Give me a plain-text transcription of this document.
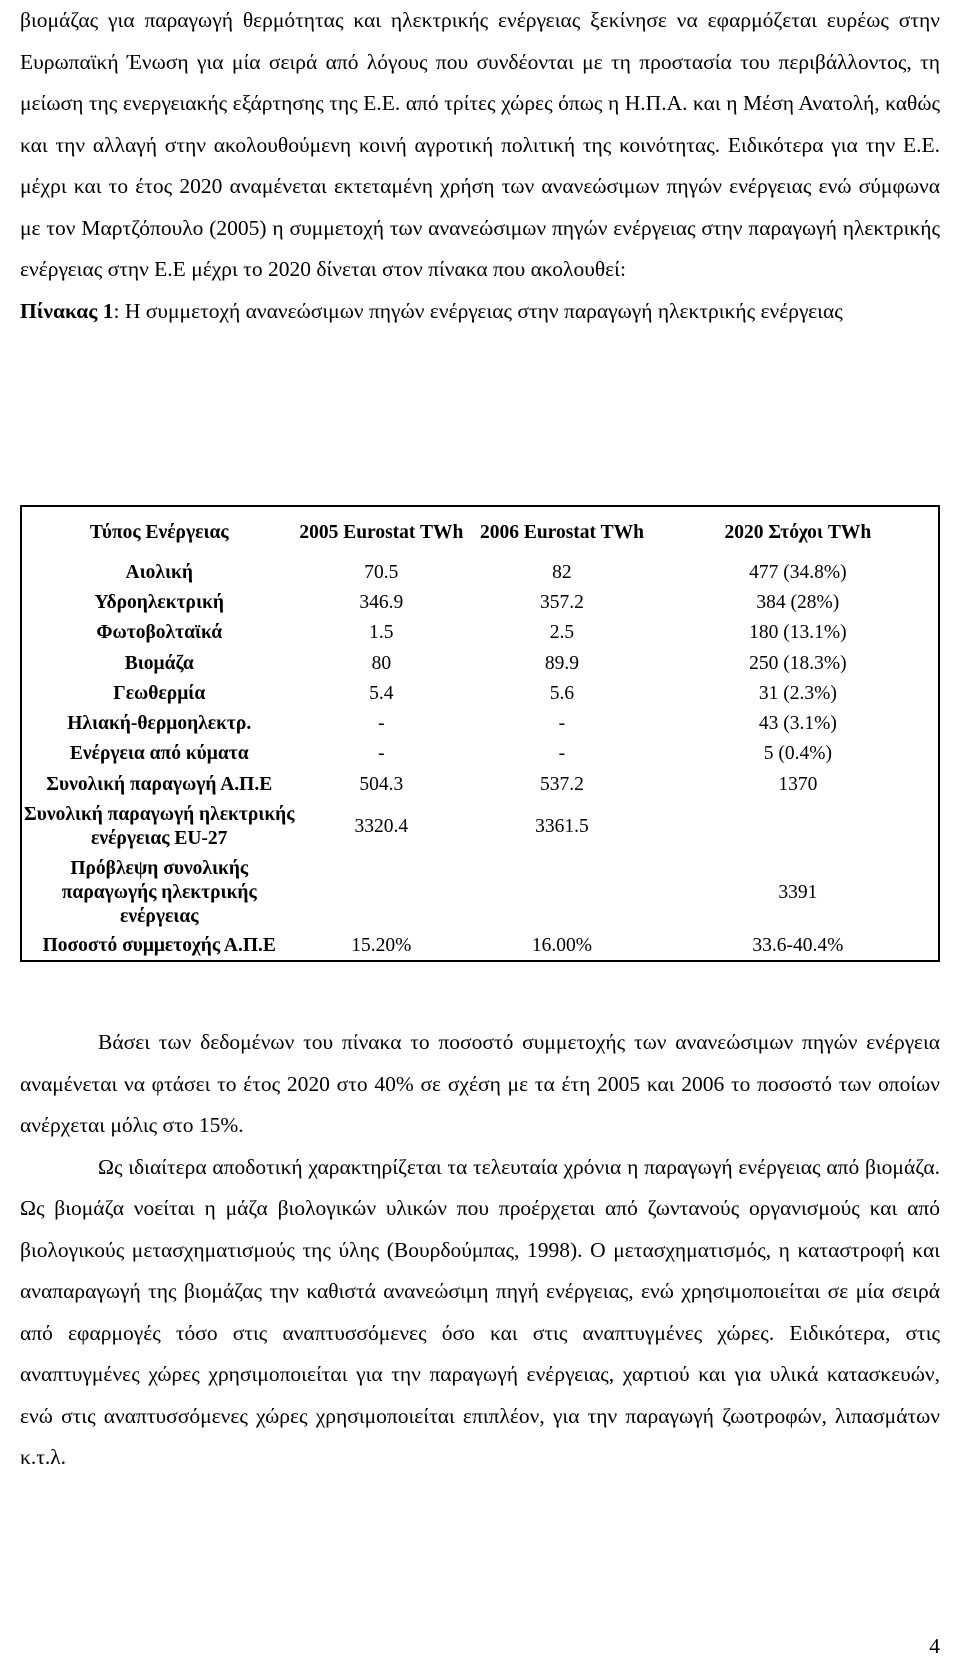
βιομάζας για παραγωγή θερμότητας και ηλεκτρικής ενέργειας ξεκίνησε να εφαρμόζεται ευρέως στην Ευρωπαϊκή Ένωση για μία σειρά από λόγους που συνδέονται με τη προστασία του περιβάλλοντος, τη μείωση της ενεργειακής εξάρτησης της Ε.Ε. από τρίτες χώρες όπως η Η.Π.Α. και η Μέση Ανατολή, καθώς και την αλλαγή στην ακολουθούμενη κοινή αγροτική πολιτική της κοινότητας. Ειδικότερα για την Ε.Ε. μέχρι και το έτος 2020 αναμένεται εκτεταμένη χρήση των ανανεώσιμων πηγών ενέργειας ενώ σύμφωνα με τον Μαρτζόπουλο (2005) η συμμετοχή των ανανεώσιμων πηγών ενέργειας στην παραγωγή ηλεκτρικής ενέργειας στην Ε.Ε μέχρι το 2020 δίνεται στον πίνακα που ακολουθεί:

Πίνακας 1: Η συμμετοχή ανανεώσιμων πηγών ενέργειας στην παραγωγή ηλεκτρικής ενέργειας

Τύπος Ενέργειας	2005 Eurostat TWh	2006 Eurostat TWh	2020 Στόχοι TWh
Αιολική	70.5	82	477 (34.8%)
Υδροηλεκτρική	346.9	357.2	384 (28%)
Φωτοβολταϊκά	1.5	2.5	180 (13.1%)
Βιομάζα	80	89.9	250 (18.3%)
Γεωθερμία	5.4	5.6	31 (2.3%)
Ηλιακή-θερμοηλεκτρ.	-	-	43 (3.1%)
Ενέργεια από κύματα	-	-	5 (0.4%)
Συνολική παραγωγή Α.Π.Ε	504.3	537.2	1370
Συνολική παραγωγή ηλεκτρικής ενέργειας EU-27	3320.4	3361.5	
Πρόβλεψη συνολικής παραγωγής ηλεκτρικής ενέργειας			3391
Ποσοστό συμμετοχής Α.Π.Ε	15.20%	16.00%	33.6-40.4%

Βάσει των δεδομένων του πίνακα το ποσοστό συμμετοχής των ανανεώσιμων πηγών ενέργεια αναμένεται να φτάσει το έτος 2020 στο 40% σε σχέση με τα έτη 2005 και 2006 το ποσοστό των οποίων ανέρχεται μόλις στο 15%.

Ως ιδιαίτερα αποδοτική χαρακτηρίζεται τα τελευταία χρόνια η παραγωγή ενέργειας από βιομάζα. Ως βιομάζα νοείται η μάζα βιολογικών υλικών που προέρχεται από ζωντανούς οργανισμούς και από βιολογικούς μετασχηματισμούς της ύλης (Βουρδούμπας, 1998). Ο μετασχηματισμός, η καταστροφή και αναπαραγωγή της βιομάζας την καθιστά ανανεώσιμη πηγή ενέργειας, ενώ χρησιμοποιείται σε μία σειρά από εφαρμογές τόσο στις αναπτυσσόμενες όσο και στις αναπτυγμένες χώρες. Ειδικότερα, στις αναπτυγμένες χώρες χρησιμοποιείται για την παραγωγή ενέργειας, χαρτιού και για υλικά κατασκευών, ενώ στις αναπτυσσόμενες χώρες χρησιμοποιείται επιπλέον, για την παραγωγή ζωοτροφών, λιπασμάτων κ.τ.λ.

4
